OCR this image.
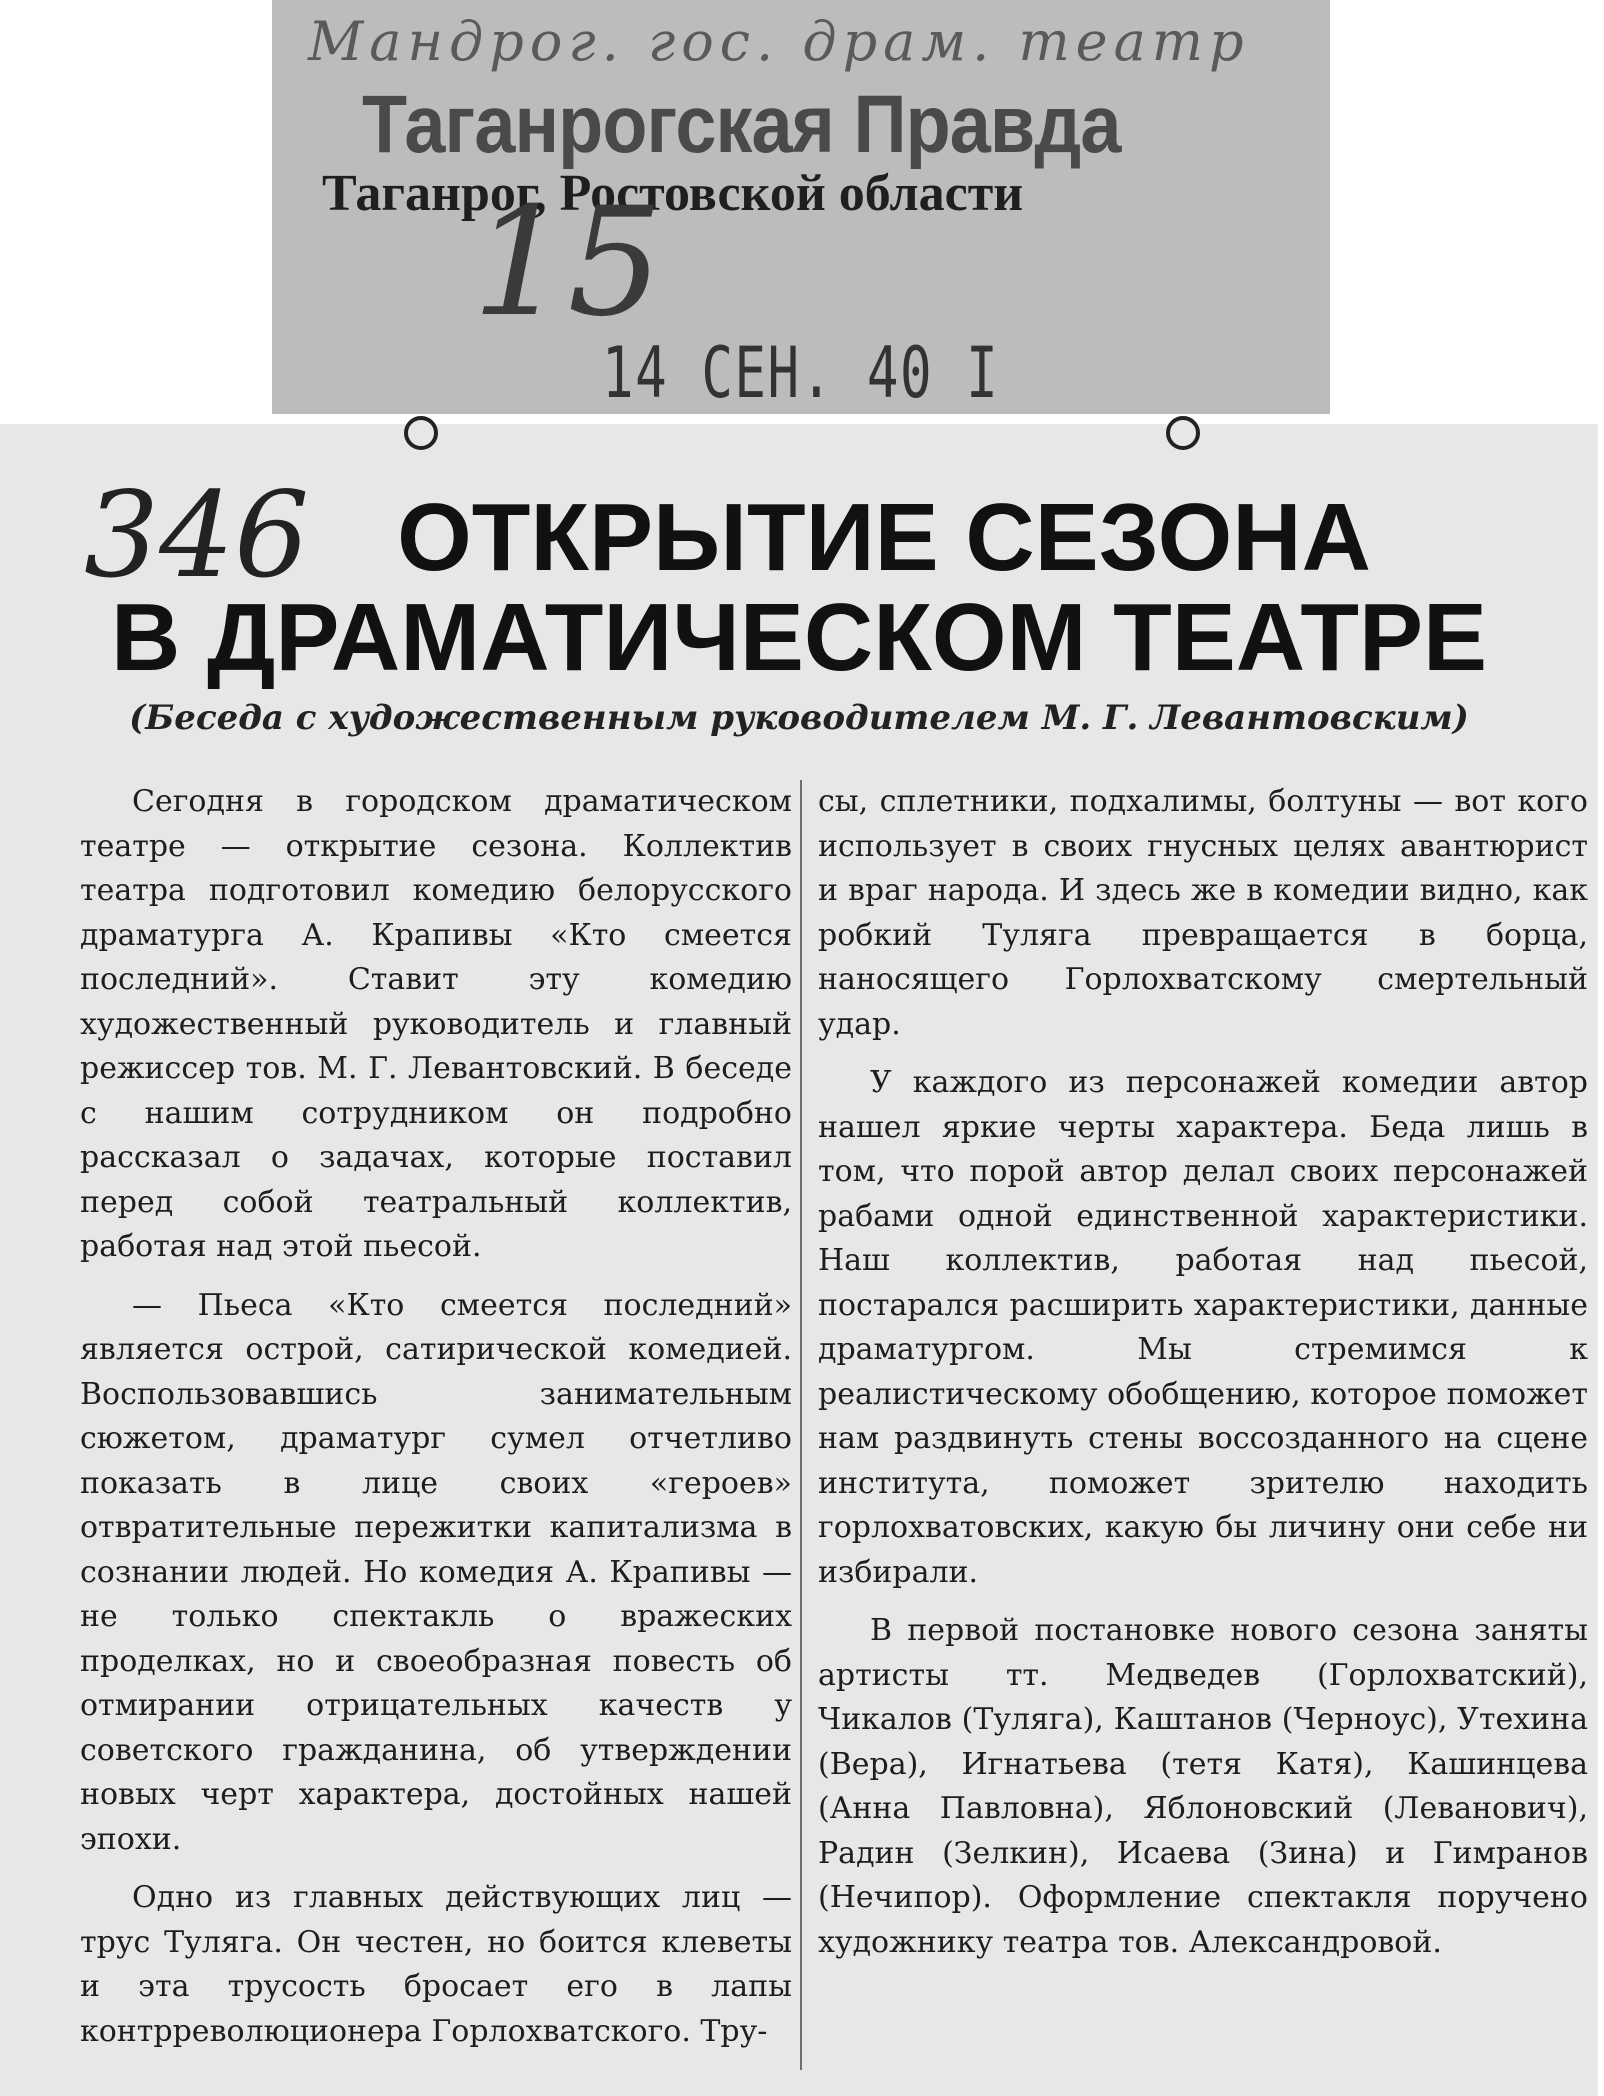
Мандрог. гос. драм. театр
Таганрогская Правда
Таганрог, Ростовской области
15
14 СЕН. 40 I
346 ОТКРЫТИЕ СЕЗОНА
В ДРАМАТИЧЕСКОМ ТЕАТРЕ
(Беседа с художественным руководителем М. Г. Левантовским)

Сегодня в городском драматическом театре — открытие сезона. Коллектив театра подготовил комедию белорусского драматурга А. Крапивы «Кто смеется последний». Ставит эту комедию художественный руководитель и главный режиссер тов. М. Г. Левантовский. В беседе с нашим сотрудником он подробно рассказал о задачах, которые поставил перед собой театральный коллектив, работая над этой пьесой.

— Пьеса «Кто смеется последний» является острой, сатирической комедией. Воспользовавшись занимательным сюжетом, драматург сумел отчетливо показать в лице своих «героев» отвратительные пережитки капитализма в сознании людей. Но комедия А. Крапивы — не только спектакль о вражеских проделках, но и своеобразная повесть об отмирании отрицательных качеств у советского гражданина, об утверждении новых черт характера, достойных нашей эпохи.

Одно из главных действующих лиц — трус Туляга. Он честен, но боится клеветы и эта трусость бросает его в лапы контрреволюционера Горлохватского. Тру-

сы, сплетники, подхалимы, болтуны — вот кого использует в своих гнусных целях авантюрист и враг народа. И здесь же в комедии видно, как робкий Туляга превращается в борца, наносящего Горлохватскому смертельный удар.

У каждого из персонажей комедии автор нашел яркие черты характера. Беда лишь в том, что порой автор делал своих персонажей рабами одной единственной характеристики. Наш коллектив, работая над пьесой, постарался расширить характеристики, данные драматургом. Мы стремимся к реалистическому обобщению, которое поможет нам раздвинуть стены воссозданного на сцене института, поможет зрителю находить горлохватовских, какую бы личину они себе ни избирали.

В первой постановке нового сезона заняты артисты тт. Медведев (Горлохватский), Чикалов (Туляга), Каштанов (Черноус), Утехина (Вера), Игнатьева (тетя Катя), Кашинцева (Анна Павловна), Яблоновский (Леванович), Радин (Зелкин), Исаева (Зина) и Гимранов (Нечипор). Оформление спектакля поручено художнику театра тов. Александровой.
